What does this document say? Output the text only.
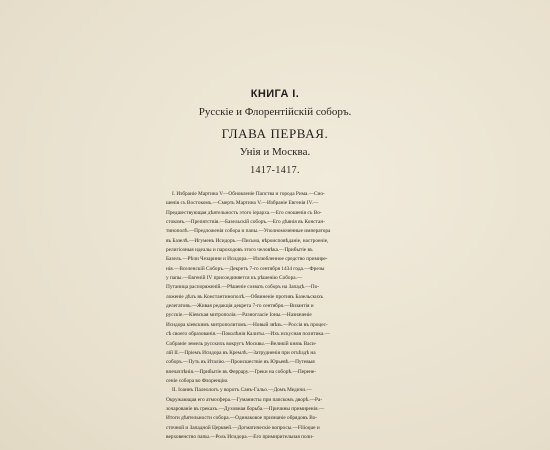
КНИГА I.
Русскіе и Флорентійскій соборъ.
ГЛАВА ПЕРВАЯ.
Унія и Москва.
1417-1417.
I. Избраніе Мартина V—Обновленіе Папства и города Рима.—Сно-
шенія съ Востокомъ.—Смерть Мартина V.—Избраніе Евгенія IV.—
Предшествующая дѣятельность этого іерарха.—Его сношенія съ Во-
стокомъ.—Препятствія.—Базельскій соборъ.—Его дѣянія въ Констан-
тинополѣ.—Предложенія собора и папы.—Уполномоченные императора
въ Базелѣ.—Игуменъ Исидоръ.—Письма, вѣроисповѣданіе, настроеніе,
религіозныя идеалы и пароходовъ этого человѣка.—Прибытіе въ
Базель.—Рѣчи Чезарини и Исидора.—Излюбленное средство примире-
нія.—Вселенскій Соборъ.—Декретъ 7-го сентября 1434 года.—Фрезы
у папы.—Евгеній IV присоединяется къ рѣшенію Собора.—
Путаница распоряженій.—Рѣшеніе созвать соборъ на Западѣ.—По-
ложеніе дѣлъ въ Константинополѣ.—Обвиненіе противъ Базельскихъ
делегатовъ.—Живая редакція декрета 7-го сентября.—Византія и
русскіе.—Кіевская митрополія.—Разногласіе Іоны.—Назначеніе
Исидора кіевскимъ митрополитомъ.—Новый звѣзь.—Россія въ процес-
сѣ своего образованія.—Поколѣнія Калиты.—Ихъ искусная политика.—
Собраніе земель русскихъ вокругъ Москвы.—Великій князь Васи-
лій II.—Пріемъ Исидора въ Кремлѣ.—Затрудненія при отъѣздѣ на
соборъ.—Путь въ Италію.—Происшествіе въ Юрьевѣ.—Путевыя
впечатлѣнія.—Прибытіе въ Феррару.—Греки на соборѣ.—Перене-
сеніе собора во Флоренцію.
II. Іоаннъ Палеологъ у воротъ Санъ-Гальо.—Домъ Медичи.—
Окружающая его атмосфера.—Гуманисты при папскомъ дворѣ.—Ра-
зочарованіе въ грекахъ.—Духовная борьба.—Причины примиренія.—
Итоги дѣятельности собора.—Одинаковое признаніе обрядовъ Во-
сточной и Западной Церквей.—Догматическіе вопросы.—Filioque и
верховенство папы.—Роль Исидора.—Его примирительная поли-
